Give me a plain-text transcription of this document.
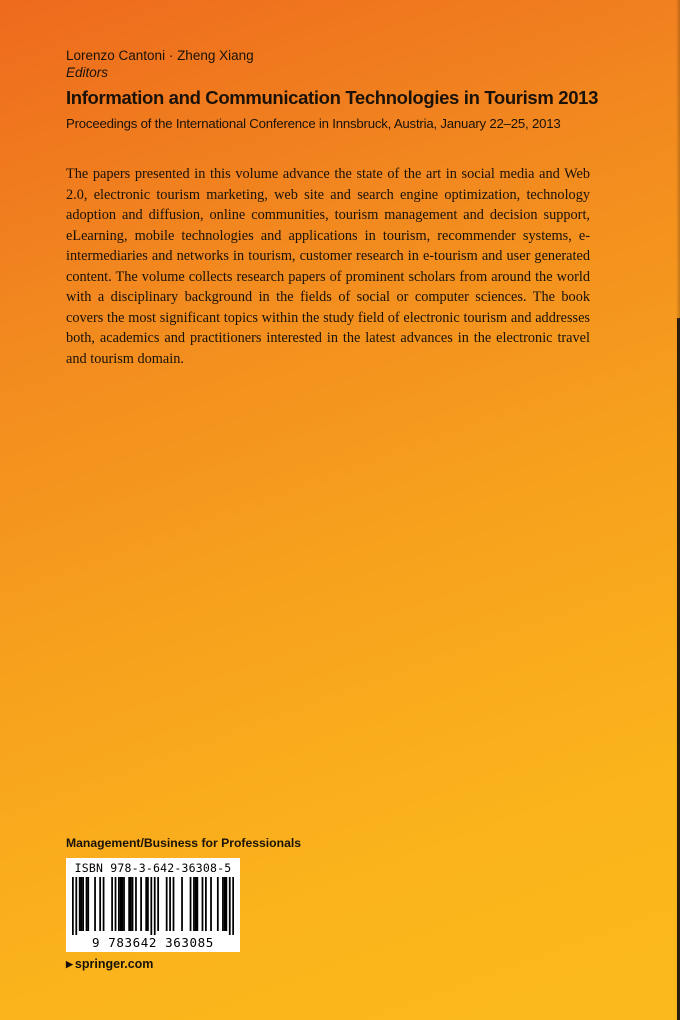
Lorenzo Cantoni · Zheng Xiang
Editors
Information and Communication Technologies in Tourism 2013
Proceedings of the International Conference in Innsbruck, Austria, January 22–25, 2013

The papers presented in this volume advance the state of the art in social media and Web 2.0, electronic tourism marketing, web site and search engine optimization, technology adoption and diffusion, online communities, tourism management and decision support, eLearning, mobile technologies and applications in tourism, recommender systems, e-intermediaries and networks in tourism, customer research in e-tourism and user generated content. The volume collects research papers of prominent scholars from around the world with a disciplinary background in the fields of social or computer sciences. The book covers the most significant topics within the study field of electronic tourism and addresses both, academics and practitioners interested in the latest advances in the electronic travel and tourism domain.

Management/Business for Professionals
ISBN 978-3-642-36308-5
9 783642 363085
▶ springer.com
